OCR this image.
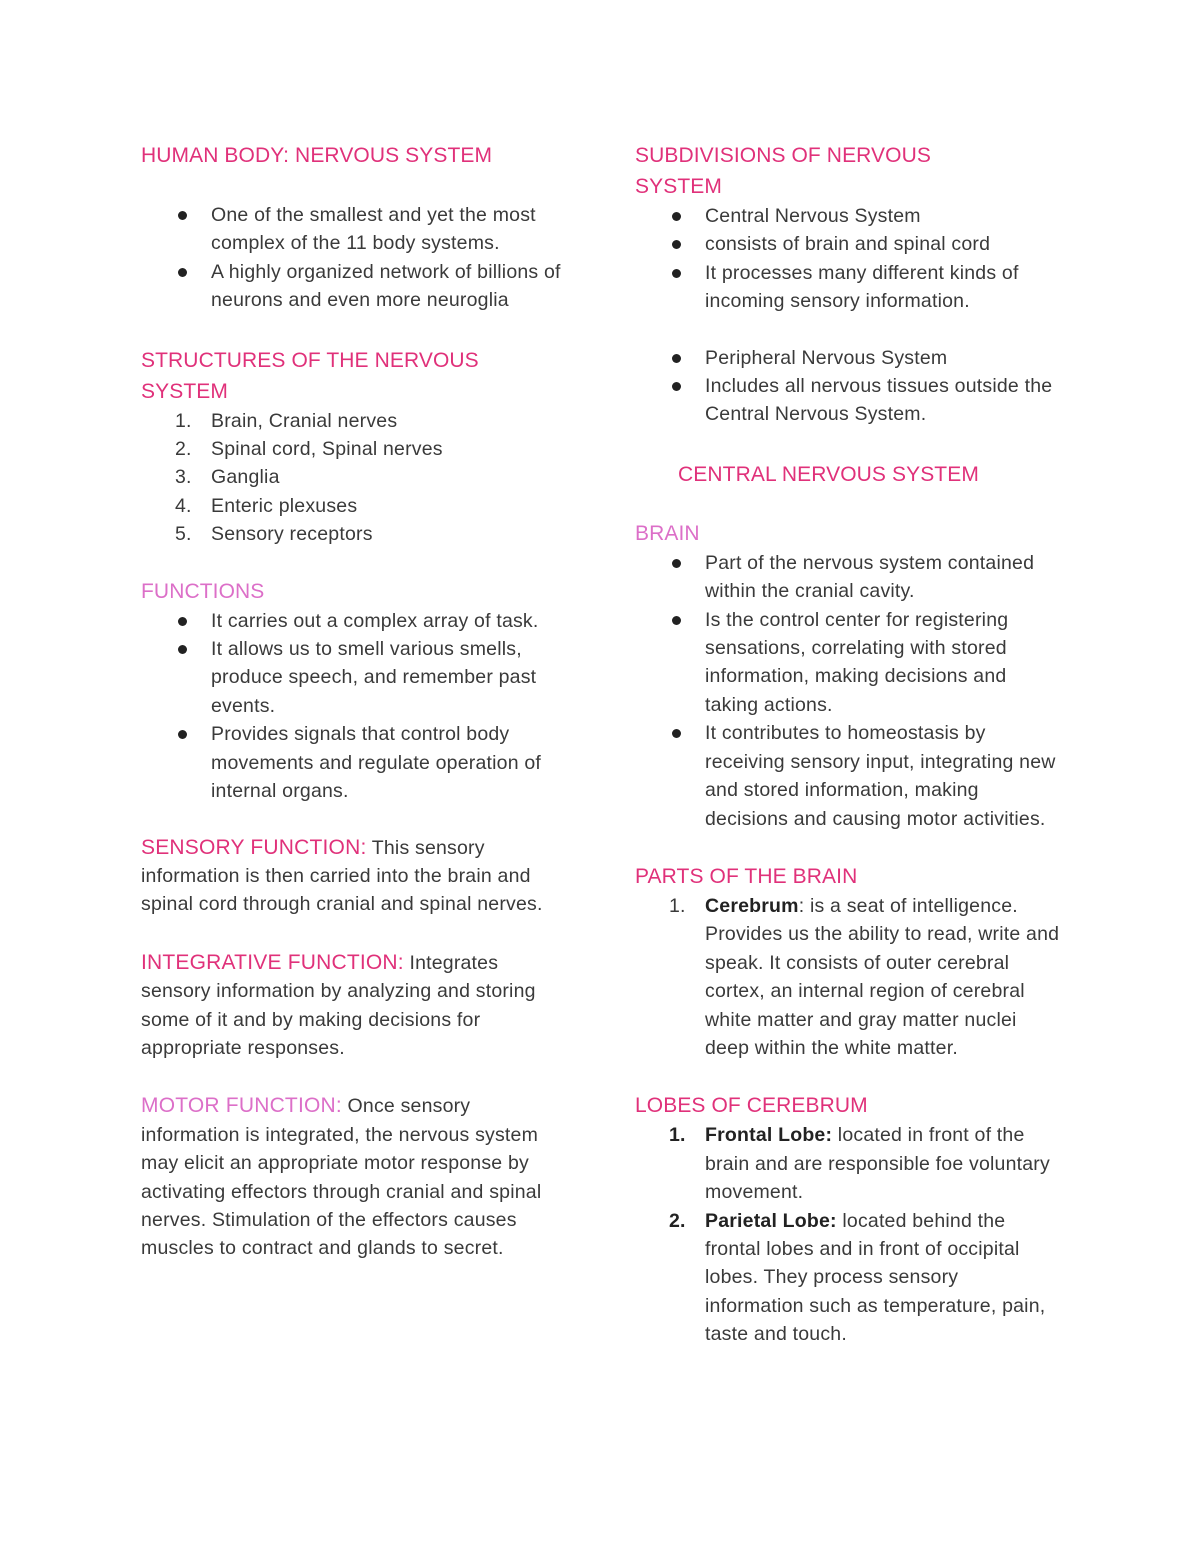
HUMAN BODY: NERVOUS SYSTEM
One of the smallest and yet the most complex of the 11 body systems.
A highly organized network of billions of neurons and even more neuroglia
STRUCTURES OF THE NERVOUS SYSTEM
1. Brain, Cranial nerves
2. Spinal cord, Spinal nerves
3. Ganglia
4. Enteric plexuses
5. Sensory receptors
FUNCTIONS
It carries out a complex array of task.
It allows us to smell various smells, produce speech, and remember past events.
Provides signals that control body movements and regulate operation of internal organs.

SENSORY FUNCTION: This sensory information is then carried into the brain and spinal cord through cranial and spinal nerves.

INTEGRATIVE FUNCTION: Integrates sensory information by analyzing and storing some of it and by making decisions for appropriate responses.

MOTOR FUNCTION: Once sensory information is integrated, the nervous system may elicit an appropriate motor response by activating effectors through cranial and spinal nerves. Stimulation of the effectors causes muscles to contract and glands to secret.

SUBDIVISIONS OF NERVOUS SYSTEM
Central Nervous System
consists of brain and spinal cord
It processes many different kinds of incoming sensory information.
Peripheral Nervous System
Includes all nervous tissues outside the Central Nervous System.
CENTRAL NERVOUS SYSTEM
BRAIN
Part of the nervous system contained within the cranial cavity.
Is the control center for registering sensations, correlating with stored information, making decisions and taking actions.
It contributes to homeostasis by receiving sensory input, integrating new and stored information, making decisions and causing motor activities.
PARTS OF THE BRAIN
1. Cerebrum: is a seat of intelligence. Provides us the ability to read, write and speak. It consists of outer cerebral cortex, an internal region of cerebral white matter and gray matter nuclei deep within the white matter.
LOBES OF CEREBRUM
1. Frontal Lobe: located in front of the brain and are responsible foe voluntary movement.
2. Parietal Lobe: located behind the frontal lobes and in front of occipital lobes. They process sensory information such as temperature, pain, taste and touch.
